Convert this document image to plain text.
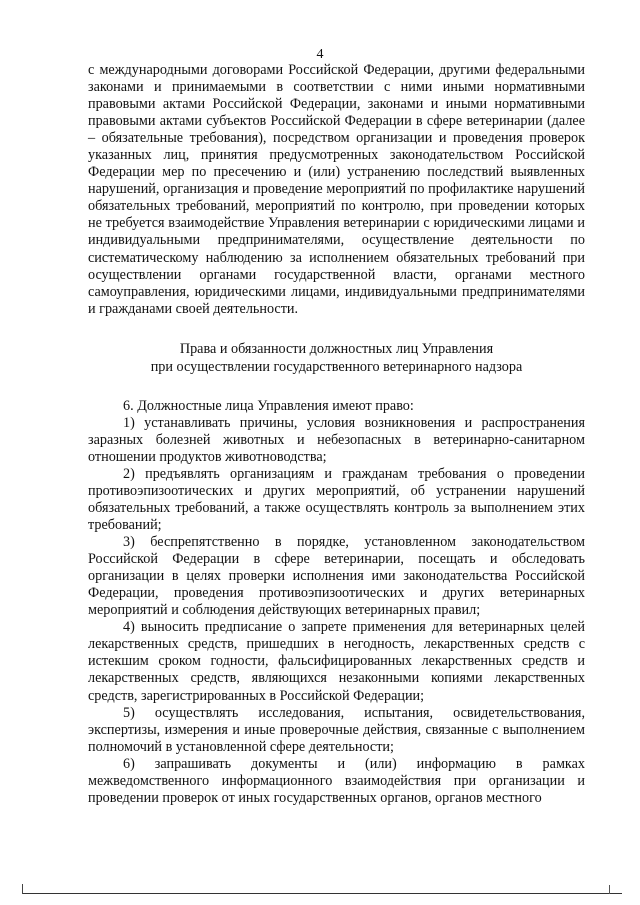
4

с международными договорами Российской Федерации, другими федеральными законами и принимаемыми в соответствии с ними иными нормативными правовыми актами Российской Федерации, законами и иными нормативными правовыми актами субъектов Российской Федерации в сфере ветеринарии (далее – обязательные требования), посредством организации и проведения проверок указанных лиц, принятия предусмотренных законодательством Российской Федерации мер по пресечению и (или) устранению последствий выявленных нарушений, организация и проведение мероприятий по профилактике нарушений обязательных требований, мероприятий по контролю, при проведении которых не требуется взаимодействие Управления ветеринарии с юридическими лицами и индивидуальными предпринимателями, осуществление деятельности по систематическому наблюдению за исполнением обязательных требований при осуществлении органами государственной власти, органами местного самоуправления, юридическими лицами, индивидуальными предпринимателями и гражданами своей деятельности.

Права и обязанности должностных лиц Управления
при осуществлении государственного ветеринарного надзора

6. Должностные лица Управления имеют право:

1) устанавливать причины, условия возникновения и распространения заразных болезней животных и небезопасных в ветеринарно-санитарном отношении продуктов животноводства;

2) предъявлять организациям и гражданам требования о проведении противоэпизоотических и других мероприятий, об устранении нарушений обязательных требований, а также осуществлять контроль за выполнением этих требований;

3) беспрепятственно в порядке, установленном законодательством Российской Федерации в сфере ветеринарии, посещать и обследовать организации в целях проверки исполнения ими законодательства Российской Федерации, проведения противоэпизоотических и других ветеринарных мероприятий и соблюдения действующих ветеринарных правил;

4) выносить предписание о запрете применения для ветеринарных целей лекарственных средств, пришедших в негодность, лекарственных средств с истекшим сроком годности, фальсифицированных лекарственных средств и лекарственных средств, являющихся незаконными копиями лекарственных средств, зарегистрированных в Российской Федерации;

5) осуществлять исследования, испытания, освидетельствования, экспертизы, измерения и иные проверочные действия, связанные с выполнением полномочий в установленной сфере деятельности;

6) запрашивать документы и (или) информацию в рамках межведомственного информационного взаимодействия при организации и проведении проверок от иных государственных органов, органов местного
